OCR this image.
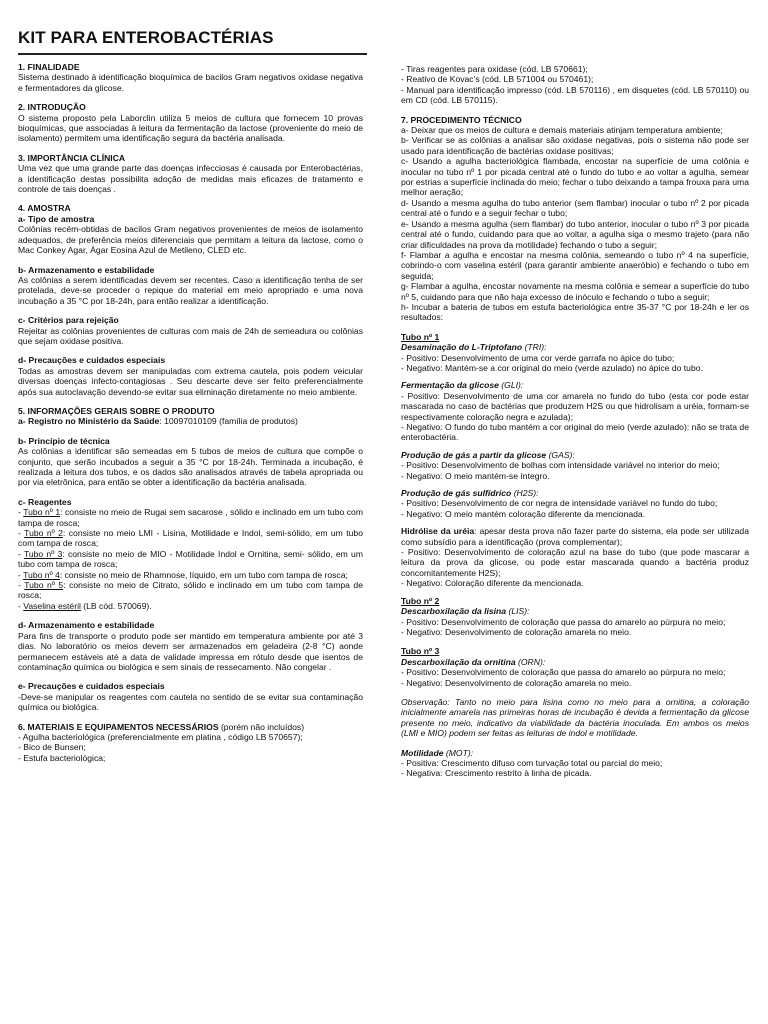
KIT PARA ENTEROBACTÉRIAS

1. FINALIDADE

Sistema destinado à identificação bioquímica de bacilos Gram negativos oxidase negativa e fermentadores da glicose.

2. INTRODUÇÃO

O sistema proposto pela Laborclin utiliza 5 meios de cultura que fornecem 10 provas bioquímicas, que associadas à leitura da fermentação da lactose (proveniente do meio de isolamento) permitem uma identificação segura da bactéria analisada.

3. IMPORTÂNCIA CLÍNICA

Uma vez que uma grande parte das doenças infecciosas é causada por Enterobactérias, a identificação destas possibilita adoção de medidas mais eficazes de tratamento e controle de tais doenças .

4. AMOSTRA

a- Tipo de amostra

Colônias recém-obtidas de bacilos Gram negativos provenientes de meios de isolamento adequados, de preferência meios diferenciais que permitam a leitura da lactose, como o Mac Conkey Agar, Ágar Eosina Azul de Metileno, CLED etc.

b- Armazenamento e estabilidade

As colônias a serem identificadas devem ser recentes. Caso a identificação tenha de ser protelada, deve-se proceder o repique do material em meio apropriado e uma nova incubação a 35 °C por 18-24h, para então realizar a identificação.

c- Critérios para rejeição

Rejeitar as colônias provenientes de culturas com mais de 24h de semeadura ou colônias que sejam oxidase positiva.

d- Precauções e cuidados especiais

Todas as amostras devem ser manipuladas com extrema cautela, pois podem veicular diversas doenças infecto-contagiosas . Seu descarte deve ser feito preferencialmente após sua autoclavação devendo-se evitar sua eliminação diretamente no meio ambiente.

5. INFORMAÇÕES GERAIS SOBRE O PRODUTO

a- Registro no Ministério da Saúde: 10097010109 (família de produtos)

b- Princípio de técnica

As colônias a identificar são semeadas em 5 tubos de meios de cultura que compõe o conjunto, que serão incubados a seguir a 35 °C por 18-24h. Terminada a incubação, é realizada a leitura dos tubos, e os dados são analisados através de tabela apropriada ou por via eletrônica, para então se obter a identificação da bactéria analisada.

c- Reagentes

- Tubo nº 1: consiste no meio de Rugai sem sacarose , sólido e inclinado em um tubo com tampa de rosca;

- Tubo nº 2: consiste no meio LMI - Lisina, Motilidade e Indol, semi-sólido, em um tubo com tampa de rosca;

- Tubo nº 3: consiste no meio de MIO - Motilidade Indol e Ornitina, semi- sólido, em um tubo com tampa de rosca;

- Tubo nº 4: consiste no meio de Rhamnose, líquido, em um tubo com tampa de rosca;

- Tubo nº 5: consiste no meio de Citrato, sólido e inclinado em um tubo com tampa de rosca;

- Vaselina estéril (LB cód. 570069).

d- Armazenamento e estabilidade

Para fins de transporte o produto pode ser mantido em temperatura ambiente por até 3 dias. No laboratório os meios devem ser armazenados em geladeira (2-8 °C) aonde permanecem estáveis até a data de validade impressa em rótulo desde que isentos de contaminação química ou biológica e sem sinais de ressecamento. Não congelar .

e- Precauções e cuidados especiais

-Deve-se manipular os reagentes com cautela no sentido de se evitar sua contaminação química ou biológica.

6. MATERIAIS E EQUIPAMENTOS NECESSÁRIOS (porém não incluídos)

- Agulha bacteriológica (preferencialmente em platina , código LB 570657);

- Bico de Bunsen;

- Estufa bacteriológica;

- Tiras reagentes para oxidase (cód. LB 570661);

- Reativo de Kovac’s (cód. LB 571004 ou 570461);

- Manual para identificação impresso (cód. LB 570116) , em disquetes (cód. LB 570110) ou em CD (cód. LB 570115).

7. PROCEDIMENTO TÉCNICO

a- Deixar que os meios de cultura e demais materiais atinjam temperatura ambiente;

b- Verificar se as colônias a analisar são oxidase negativas, pois o sistema não pode ser usado para identificação de bactérias oxidase positivas;

c- Usando a agulha bacteriológica flambada, encostar na superfície de uma colônia e inocular no tubo nº 1 por picada central até o fundo do tubo e ao voltar a agulha, semear por estrias a superfície inclinada do meio; fechar o tubo deixando a tampa frouxa para uma melhor aeração;

d- Usando a mesma agulha do tubo anterior (sem flambar) inocular o tubo nº 2 por picada central até o fundo e a seguir fechar o tubo;

e- Usando a mesma agulha (sem flambar) do tubo anterior, inocular o tubo nº 3 por picada central até o fundo, cuidando para que ao voltar, a agulha siga o mesmo trajeto (para não criar dificuldades na prova da motilidade) fechando o tubo a seguir;

f- Flambar a agulha e encostar na mesma colônia, semeando o tubo nº 4 na superfície, cobrindo-o com vaselina estéril (para garantir ambiente anaeróbio) e fechando o tubo em seguida;

g- Flambar a agulha, encostar novamente na mesma colônia e semear a superfície do tubo nº 5, cuidando para que não haja excesso de inóculo e fechando o tubo a seguir;

h- Incubar a bateria de tubos em estufa bacteriológica entre 35-37 °C por 18-24h e ler os resultados:

Tubo nº 1

Desaminação do L-Triptofano (TRI):

- Positivo: Desenvolvimento de uma cor verde garrafa no ápice do tubo;

- Negativo: Mantém-se a cor original do meio (verde azulado) no ápice do tubo.

Fermentação da glicose (GLI):

- Positivo: Desenvolvimento de uma cor amarela no fundo do tubo (esta cor pode estar mascarada no caso de bactérias que produzem H2S ou que hidrolisam a uréia, formam-se respectivamente coloração negra e azulada);

- Negativo: O fundo do tubo mantém a cor original do meio (verde azulado): não se trata de enterobactéria.

Produção de gás a partir da glicose (GAS):

- Positivo: Desenvolvimento de bolhas com intensidade variável no interior do meio;

- Negativo: O meio mantém-se íntegro.

Produção de gás sulfídrico (H2S):

- Positivo: Desenvolvimento de cor negra de intensidade variável no fundo do tubo;

- Negativo: O meio mantém coloração diferente da mencionada.

Hidrólise da uréia: apesar desta prova não fazer parte do sistema, ela pode ser utilizada como subsídio para a identificação (prova complementar);

- Positivo: Desenvolvimento de coloração azul na base do tubo (que pode mascarar a leitura da prova da glicose, ou pode estar mascarada quando a bactéria produz concomitantemente H2S);

- Negativo: Coloração diferente da mencionada.

Tubo nº 2

Descarboxilação da lisina (LIS):

- Positivo: Desenvolvimento de coloração que passa do amarelo ao púrpura no meio;

- Negativo: Desenvolvimento de coloração amarela no meio.

Tubo nº 3

Descarboxilação da ornitina (ORN):

- Positivo: Desenvolvimento de coloração que passa do amarelo ao púrpura no meio;

- Negativo: Desenvolvimento de coloração amarela no meio.

Observação: Tanto no meio para lisina como no meio para a ornitina, a coloração inicialmente amarela nas primeiras horas de incubação é devida a fermentação da glicose presente no meio, indicativo da viabilidade da bactéria inoculada. Em ambos os meios (LMI e MIO) podem ser feitas as leituras de indol e motilidade.

Motilidade (MOT):

- Positiva: Crescimento difuso com turvação total ou parcial do meio;

- Negativa: Crescimento restrito à linha de picada.
